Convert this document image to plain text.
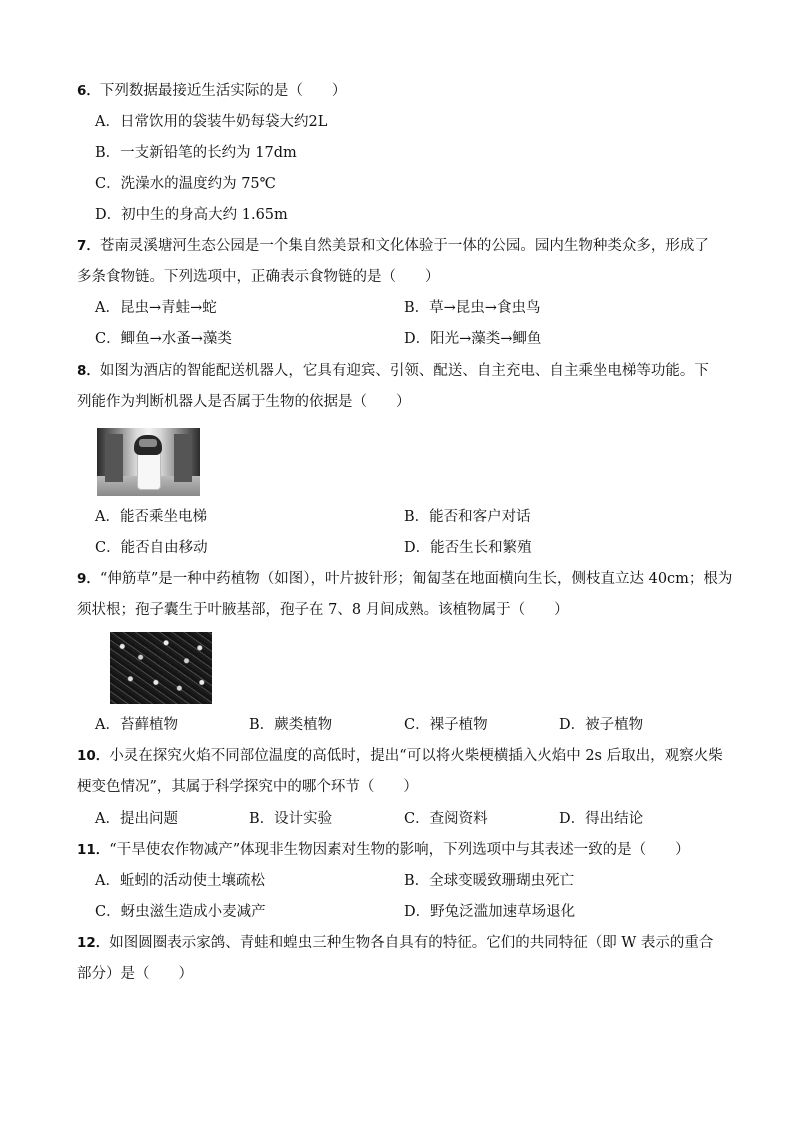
6．下列数据最接近生活实际的是（　　）
A．日常饮用的袋装牛奶每袋大约2L
B．一支新铅笔的长约为 17dm
C．洗澡水的温度约为 75℃
D．初中生的身高大约 1.65m
7．苍南灵溪塘河生态公园是一个集自然美景和文化体验于一体的公园。园内生物种类众多，形成了
多条食物链。下列选项中，正确表示食物链的是（　　）
A．昆虫→青蛙→蛇	B．草→昆虫→食虫鸟
C．鲫鱼→水蚤→藻类	D．阳光→藻类→鲫鱼
8．如图为酒店的智能配送机器人，它具有迎宾、引领、配送、自主充电、自主乘坐电梯等功能。下
列能作为判断机器人是否属于生物的依据是（　　）
A．能否乘坐电梯	B．能否和客户对话
C．能否自由移动	D．能否生长和繁殖
9．“伸筋草”是一种中药植物（如图），叶片披针形；匍匐茎在地面横向生长，侧枝直立达 40cm；根为
须状根；孢子囊生于叶腋基部，孢子在 7、8 月间成熟。该植物属于（　　）
A．苔藓植物	B．蕨类植物	C．裸子植物	D．被子植物
10．小灵在探究火焰不同部位温度的高低时，提出“可以将火柴梗横插入火焰中 2s 后取出，观察火柴
梗变色情况”，其属于科学探究中的哪个环节（　　）
A．提出问题	B．设计实验	C．查阅资料	D．得出结论
11．“干旱使农作物减产”体现非生物因素对生物的影响，下列选项中与其表述一致的是（　　）
A．蚯蚓的活动使土壤疏松	B．全球变暖致珊瑚虫死亡
C．蚜虫滋生造成小麦减产	D．野兔泛滥加速草场退化
12．如图圆圈表示家鸽、青蛙和蝗虫三种生物各自具有的特征。它们的共同特征（即 W 表示的重合
部分）是（　　）
